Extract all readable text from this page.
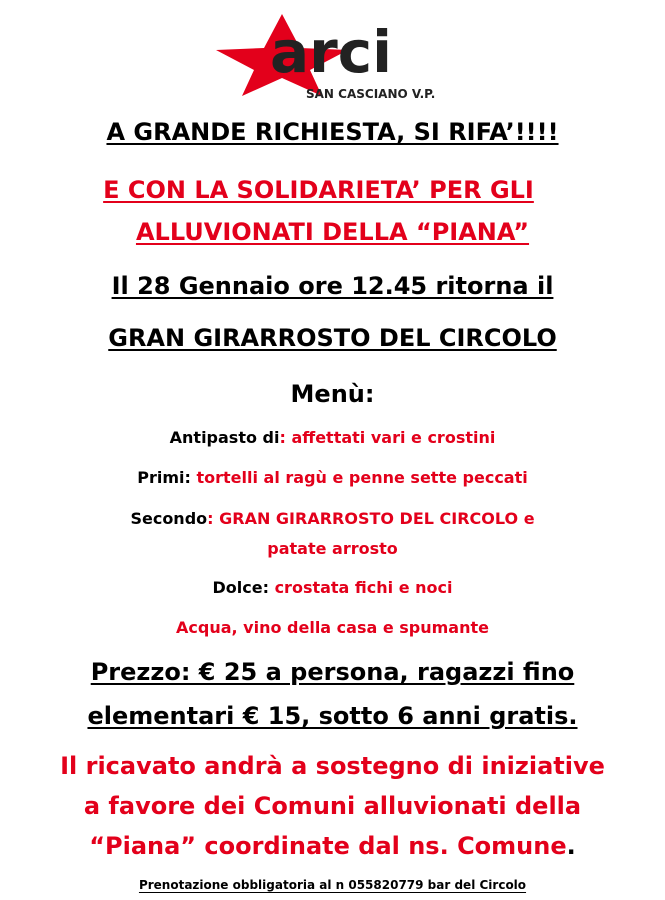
arci
SAN CASCIANO V.P.
A GRANDE RICHIESTA, SI RIFA’!!!!
E CON LA SOLIDARIETA’ PER GLI
ALLUVIONATI DELLA “PIANA”
Il 28 Gennaio ore 12.45 ritorna il
GRAN GIRARROSTO DEL CIRCOLO
Menù:
Antipasto di: affettati vari e crostini
Primi: tortelli al ragù e penne sette peccati
Secondo: GRAN GIRARROSTO DEL CIRCOLO e
patate arrosto
Dolce: crostata fichi e noci
Acqua, vino della casa e spumante
Prezzo: € 25 a persona, ragazzi fino
elementari € 15, sotto 6 anni gratis.
Il ricavato andrà a sostegno di iniziative
a favore dei Comuni alluvionati della
“Piana” coordinate dal ns. Comune.
Prenotazione obbligatoria al n 055820779 bar del Circolo
